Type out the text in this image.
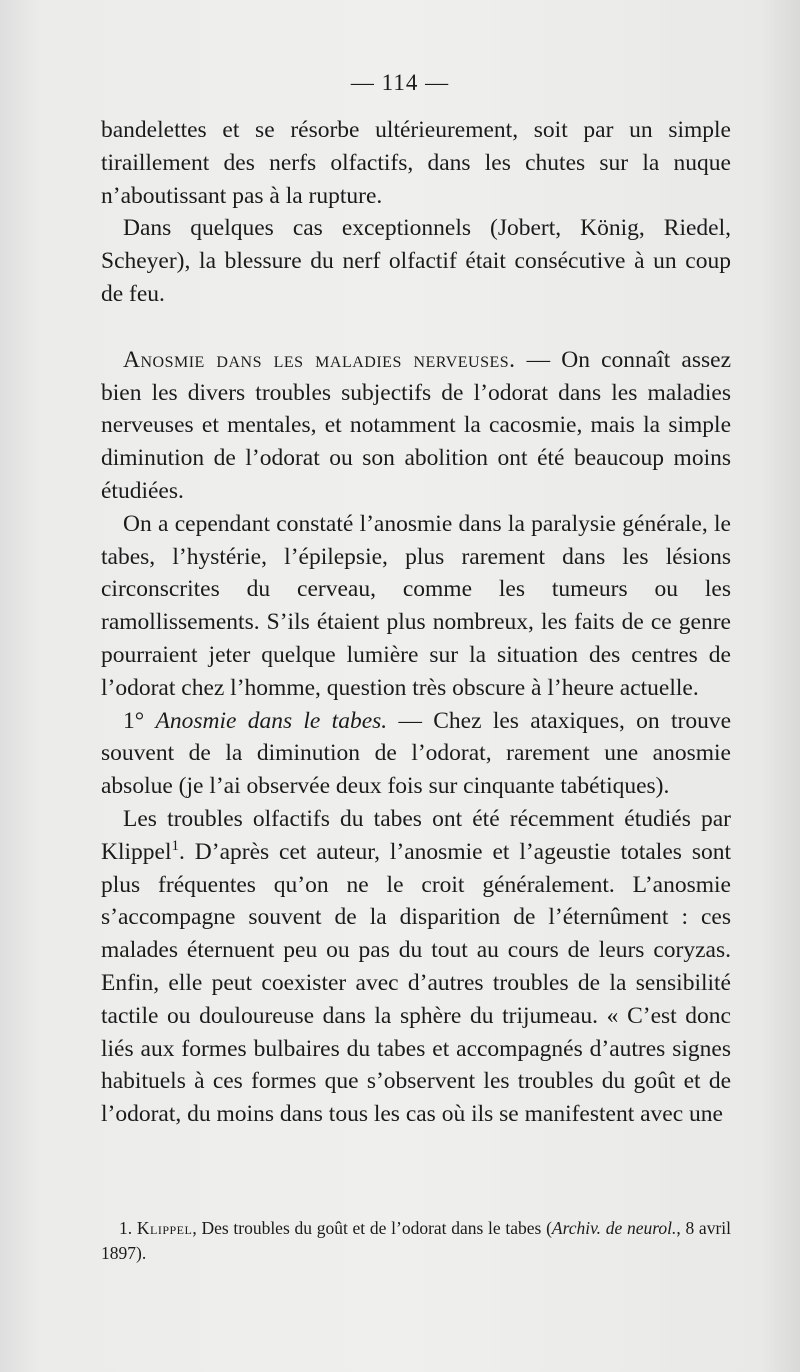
— 114 —

bandelettes et se résorbe ultérieurement, soit par un simple tiraillement des nerfs olfactifs, dans les chutes sur la nuque n’aboutissant pas à la rupture.

Dans quelques cas exceptionnels (Jobert, König, Riedel, Scheyer), la blessure du nerf olfactif était consécutive à un coup de feu.

Anosmie dans les maladies nerveuses. — On connaît assez bien les divers troubles subjectifs de l’odorat dans les maladies nerveuses et mentales, et notamment la cacosmie, mais la simple diminution de l’odorat ou son abolition ont été beaucoup moins étudiées.

On a cependant constaté l’anosmie dans la paralysie générale, le tabes, l’hystérie, l’épilepsie, plus rarement dans les lésions circonscrites du cerveau, comme les tumeurs ou les ramollissements. S’ils étaient plus nombreux, les faits de ce genre pourraient jeter quelque lumière sur la situation des centres de l’odorat chez l’homme, question très obscure à l’heure actuelle.

1° Anosmie dans le tabes. — Chez les ataxiques, on trouve souvent de la diminution de l’odorat, rarement une anosmie absolue (je l’ai observée deux fois sur cinquante tabétiques).

Les troubles olfactifs du tabes ont été récemment étudiés par Klippel$^1$. D’après cet auteur, l’anosmie et l’ageustie totales sont plus fréquentes qu’on ne le croit généralement. L’anosmie s’accompagne souvent de la disparition de l’éternûment : ces malades éternuent peu ou pas du tout au cours de leurs coryzas. Enfin, elle peut coexister avec d’autres troubles de la sensibilité tactile ou douloureuse dans la sphère du trijumeau. « C’est donc liés aux formes bulbaires du tabes et accompagnés d’autres signes habituels à ces formes que s’observent les troubles du goût et de l’odorat, du moins dans tous les cas où ils se manifestent avec une

1. Klippel, Des troubles du goût et de l’odorat dans le tabes (Archiv. de neurol., 8 avril 1897).
